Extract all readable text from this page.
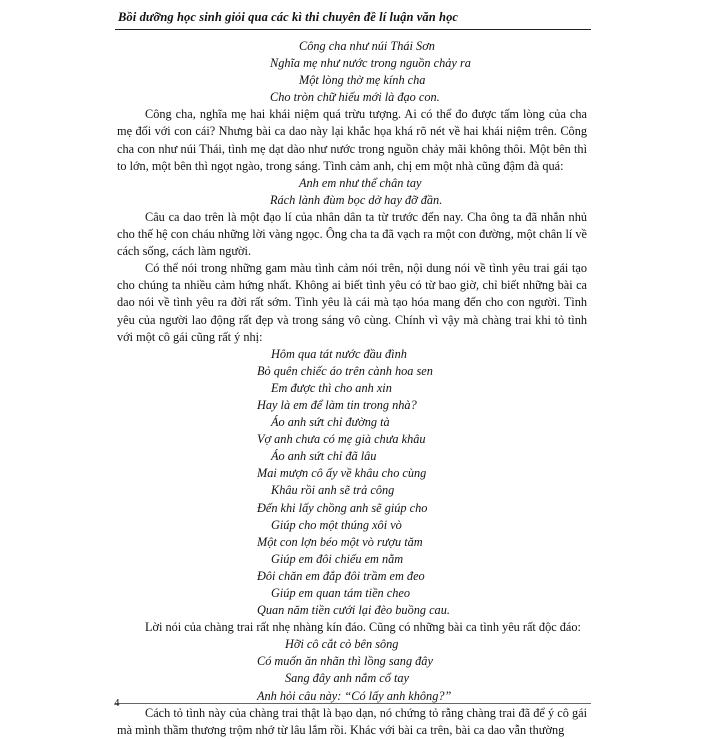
Bồi dưỡng học sinh giỏi qua các kì thi chuyên đề lí luận văn học
Công cha như núi Thái Sơn
Nghĩa mẹ như nước trong nguồn chảy ra
Một lòng thờ mẹ kính cha
Cho tròn chữ hiếu mới là đạo con.
Công cha, nghĩa mẹ hai khái niệm quá trừu tượng. Ai có thể đo được tấm lòng của cha mẹ đối với con cái? Nhưng bài ca dao này lại khắc họa khá rõ nét về hai khái niệm trên. Công cha con như núi Thái, tình mẹ dạt dào như nước trong nguồn chảy mãi không thôi. Một bên thì to lớn, một bên thì ngọt ngào, trong sáng. Tình cảm anh, chị em một nhà cũng đậm đà quá:
Anh em như thể chân tay
Rách lành đùm bọc dở hay đỡ đần.
Câu ca dao trên là một đạo lí của nhân dân ta từ trước đến nay. Cha ông ta đã nhắn nhủ cho thế hệ con cháu những lời vàng ngọc. Ông cha ta đã vạch ra một con đường, một chân lí về cách sống, cách làm người.
Có thể nói trong những gam màu tình cảm nói trên, nội dung nói về tình yêu trai gái tạo cho chúng ta nhiều cảm hứng nhất. Không ai biết tình yêu có từ bao giờ, chỉ biết những bài ca dao nói về tình yêu ra đời rất sớm. Tình yêu là cái mà tạo hóa mang đến cho con người. Tình yêu của người lao động rất đẹp và trong sáng vô cùng. Chính vì vậy mà chàng trai khi tỏ tình với một cô gái cũng rất ý nhị:
Hôm qua tát nước đầu đình
Bỏ quên chiếc áo trên cành hoa sen
Em được thì cho anh xin
Hay là em để làm tin trong nhà?
Áo anh sứt chỉ đường tà
Vợ anh chưa có mẹ già chưa khâu
Áo anh sứt chỉ đã lâu
Mai mượn cô ấy về khâu cho cùng
Khâu rồi anh sẽ trả công
Đến khi lấy chồng anh sẽ giúp cho
Giúp cho một thúng xôi vò
Một con lợn béo một vò rượu tăm
Giúp em đôi chiếu em nằm
Đôi chăn em đắp đôi trầm em đeo
Giúp em quan tám tiền cheo
Quan năm tiền cưới lại đèo buồng cau.
Lời nói của chàng trai rất nhẹ nhàng kín đáo. Cũng có những bài ca tình yêu rất độc đáo:
Hỡi cô cắt cỏ bên sông
Có muốn ăn nhãn thì lồng sang đây
Sang đây anh nắm cổ tay
Anh hỏi câu này: “Có lấy anh không?”
Cách tỏ tình này của chàng trai thật là bạo dạn, nó chứng tỏ rằng chàng trai đã để ý cô gái mà mình thầm thương trộm nhớ từ lâu lắm rồi. Khác với bài ca trên, bài ca dao vẫn thường
4
